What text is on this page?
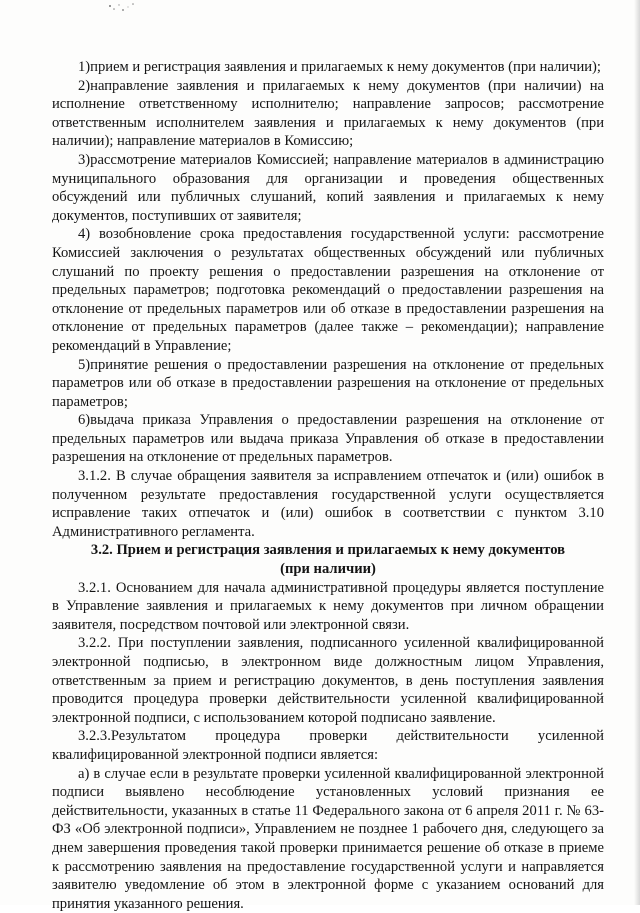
1)прием и регистрация заявления и прилагаемых к нему документов (при наличии);

2)направление заявления и прилагаемых к нему документов (при наличии) на исполнение ответственному исполнителю; направление запросов; рассмотрение ответственным исполнителем заявления и прилагаемых к нему документов (при наличии); направление материалов в Комиссию;

3)рассмотрение материалов Комиссией; направление материалов в администрацию муниципального образования для организации и проведения общественных обсуждений или публичных слушаний, копий заявления и прилагаемых к нему документов, поступивших от заявителя;

4) возобновление срока предоставления государственной услуги: рассмотрение Комиссией заключения о результатах общественных обсуждений или публичных слушаний по проекту решения о предоставлении разрешения на отклонение от предельных параметров; подготовка рекомендаций о предоставлении разрешения на отклонение от предельных параметров или об отказе в предоставлении разрешения на отклонение от предельных параметров (далее также – рекомендации); направление рекомендаций в Управление;

5)принятие решения о предоставлении разрешения на отклонение от предельных параметров или об отказе в предоставлении разрешения на отклонение от предельных параметров;

6)выдача приказа Управления о предоставлении разрешения на отклонение от предельных параметров или выдача приказа Управления об отказе в предоставлении разрешения на отклонение от предельных параметров.

3.1.2. В случае обращения заявителя за исправлением отпечаток и (или) ошибок в полученном результате предоставления государственной услуги осуществляется исправление таких отпечаток и (или) ошибок в соответствии с пунктом 3.10 Административного регламента.

3.2. Прием и регистрация заявления и прилагаемых к нему документов
(при наличии)

3.2.1. Основанием для начала административной процедуры является поступление в Управление заявления и прилагаемых к нему документов при личном обращении заявителя, посредством почтовой или электронной связи.

3.2.2. При поступлении заявления, подписанного усиленной квалифицированной электронной подписью, в электронном виде должностным лицом Управления, ответственным за прием и регистрацию документов, в день поступления заявления проводится процедура проверки действительности усиленной квалифицированной электронной подписи, с использованием которой подписано заявление.

3.2.3.Результатом процедура проверки действительности усиленной квалифицированной электронной подписи является:

а) в случае если в результате проверки усиленной квалифицированной электронной подписи выявлено несоблюдение установленных условий признания ее действительности, указанных в статье 11 Федерального закона от 6 апреля 2011 г. № 63-ФЗ «Об электронной подписи», Управлением не позднее 1 рабочего дня, следующего за днем завершения проведения такой проверки принимается решение об отказе в приеме к рассмотрению заявления на предоставление государственной услуги и направляется заявителю уведомление об этом в электронной форме с указанием оснований для принятия указанного решения.
